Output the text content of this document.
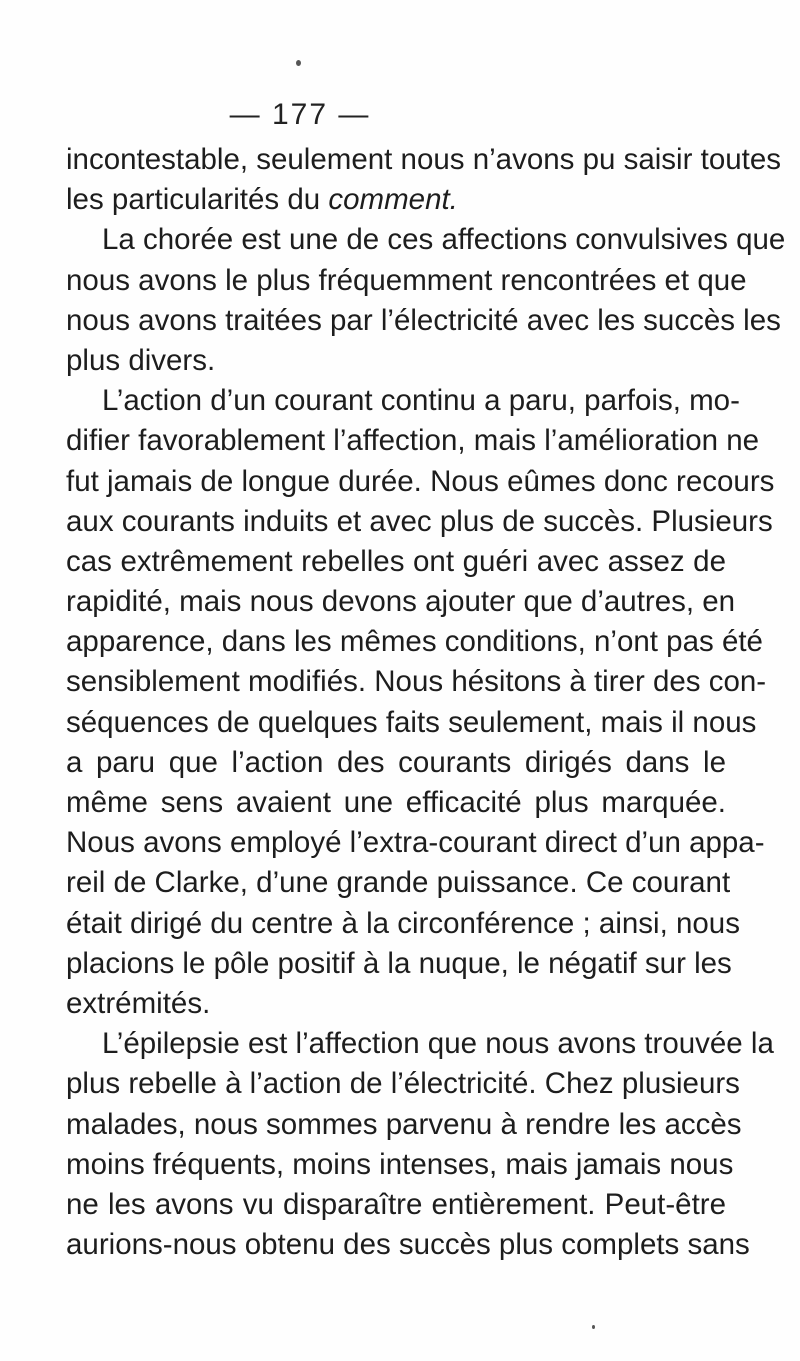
— 177 —
incontestable, seulement nous n’avons pu saisir toutes
les particularités du comment.
La chorée est une de ces affections convulsives que
nous avons le plus fréquemment rencontrées et que
nous avons traitées par l’électricité avec les succès les
plus divers.
L’action d’un courant continu a paru, parfois, mo-
difier favorablement l’affection, mais l’amélioration ne
fut jamais de longue durée. Nous eûmes donc recours
aux courants induits et avec plus de succès. Plusieurs
cas extrêmement rebelles ont guéri avec assez de
rapidité, mais nous devons ajouter que d’autres, en
apparence, dans les mêmes conditions, n’ont pas été
sensiblement modifiés. Nous hésitons à tirer des con-
séquences de quelques faits seulement, mais il nous
a paru que l’action des courants dirigés dans le
même sens avaient une efficacité plus marquée.
Nous avons employé l’extra-courant direct d’un appa-
reil de Clarke, d’une grande puissance. Ce courant
était dirigé du centre à la circonférence ; ainsi, nous
placions le pôle positif à la nuque, le négatif sur les
extrémités.
L’épilepsie est l’affection que nous avons trouvée la
plus rebelle à l’action de l’électricité. Chez plusieurs
malades, nous sommes parvenu à rendre les accès
moins fréquents, moins intenses, mais jamais nous
ne les avons vu disparaître entièrement. Peut-être
aurions-nous obtenu des succès plus complets sans
